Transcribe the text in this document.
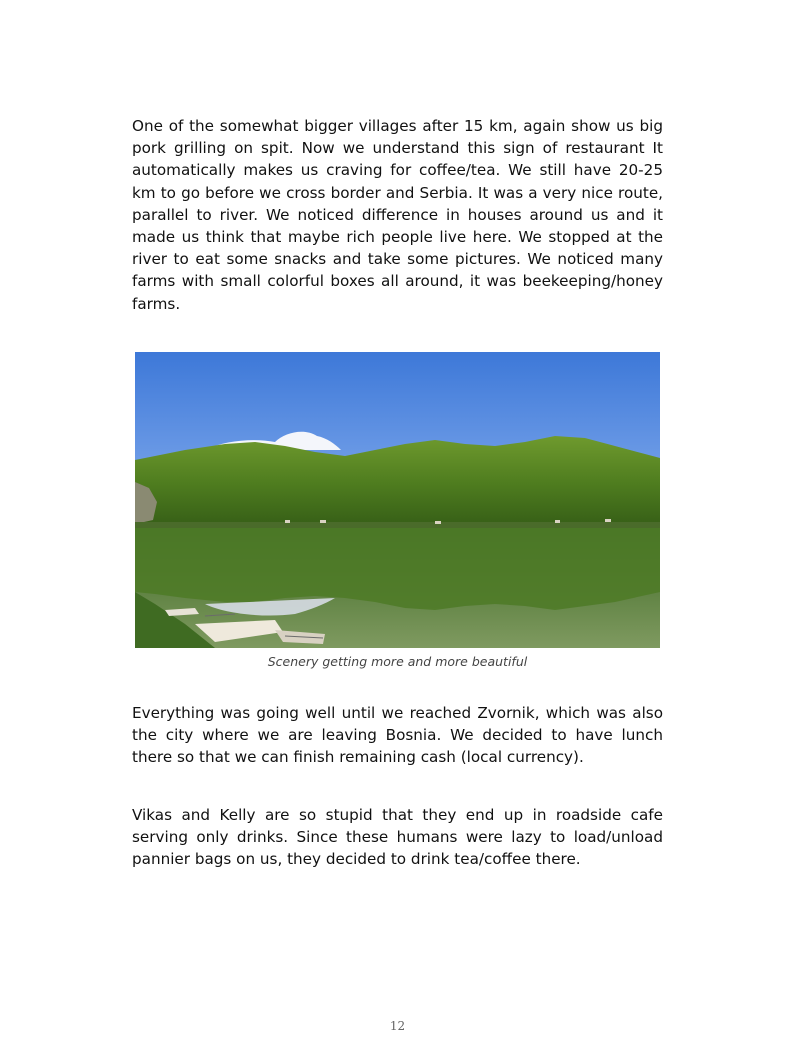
One of the somewhat bigger villages after 15 km, again show us big pork grilling on spit. Now we understand this sign of restaurant It automatically makes us craving for coffee/tea. We still have 20-25 km to go before we cross border and Serbia. It was a very nice route, parallel to river. We noticed difference in houses around us and it made us think that maybe rich people live here. We stopped at the river to eat some snacks and take some pictures. We noticed many farms with small colorful boxes all around, it was beekeeping/honey farms.

Scenery getting more and more beautiful

Everything was going well until we reached Zvornik, which was also the city where we are leaving Bosnia. We decided to have lunch there so that we can finish remaining cash (local currency).

Vikas and Kelly are so stupid that they end up in roadside cafe serving only drinks. Since these humans were lazy to load/unload pannier bags on us, they decided to drink tea/coffee there.

12
